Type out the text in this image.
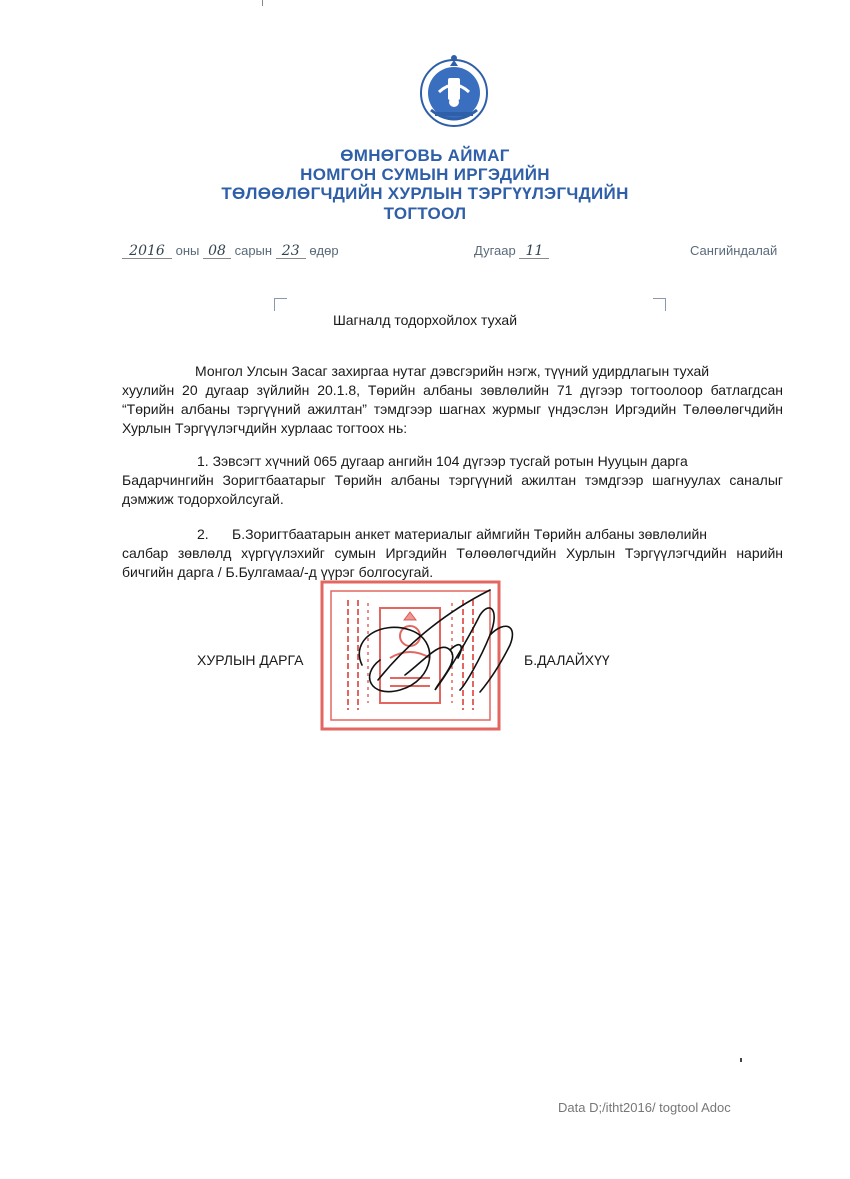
ӨМНӨГОВЬ АЙМАГ
НОМГОН СУМЫН ИРГЭДИЙН
ТӨЛӨӨЛӨГЧДИЙН ХУРЛЫН ТЭРГҮҮЛЭГЧДИЙН
ТОГТООЛ
2016 оны 08 сарын 23 өдөр	Дугаар 11	Сангийндалай
Шагналд тодорхойлох тухай
Монгол Улсын Засаг захиргаа нутаг дэвсгэрийн нэгж, түүний удирдлагын тухай
хуулийн 20 дугаар зүйлийн 20.1.8, Төрийн албаны зөвлөлийн 71 дүгээр тогтоолоор батлагдсан “Төрийн албаны тэргүүний ажилтан” тэмдгээр шагнах журмыг үндэслэн Иргэдийн Төлөөлөгчдийн Хурлын Тэргүүлэгчдийн хурлаас тогтоох нь:
1. Зэвсэгт хүчний 065 дугаар ангийн 104 дүгээр тусгай ротын Нууцын дарга
Бадарчингийн Зоригтбаатарыг Төрийн албаны тэргүүний ажилтан тэмдгээр шагнуулах саналыг дэмжиж тодорхойлсугай.
2.      Б.Зоригтбаатарын анкет материалыг аймгийн Төрийн албаны зөвлөлийн
салбар зөвлөлд хүргүүлэхийг сумын Иргэдийн Төлөөлөгчдийн Хурлын Тэргүүлэгчдийн нарийн бичгийн дарга / Б.Булгамаа/-д үүрэг болгосугай.
ХУРЛЫН ДАРГА	Б.ДАЛАЙХҮҮ
Data D;/itht2016/ togtool Adoc
